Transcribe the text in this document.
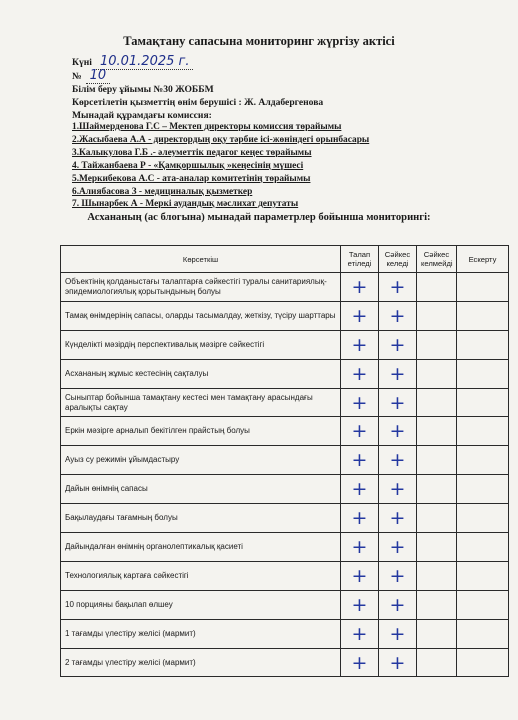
Тамақтану сапасына мониторинг жүргізу актісі
Күні 10.01.2025 г.
№ 10
Білім беру ұйымы №30 ЖОББМ
Көрсетілетін қызметтің өнім берушісі : Ж. Алдабергенова
Мынадай құрамдағы комиссия:
1.Шаймерденова Г.С – Мектеп директоры комиссия төрайымы
2.Жасыбаева А.А - директордың оқу тәрбие ісі-жөніндегі орынбасары
3.Калыкулова Г.Б .- әлеуметтік педагог кеңес төрайымы
4. Тайжанбаева Р - «Қамқоршылық »кеңесінің мүшесі
5.Меркибекова А.С - ата-аналар комитетінің төрайымы
6.Алиябасова З - медициналық қызметкер
7. Шынарбек А - Меркі аудандық мәслихат депутаты
Асхананың (ас блогына) мынадай параметрлер бойынша мониторингі:
Көрсеткіш	Талап етіледі	Сәйкес келеді	Сәйкес келмейді	Ескерту
Объектінің қолданыстағы талаптарға сәйкестігі туралы санитариялық-эпидемиологиялық қорытындының болуы	+	+		
Тамақ өнімдерінің сапасы, оларды тасымалдау, жеткізу, түсіру шарттары	+	+		
Күнделікті мәзірдің перспективалық мәзірге сәйкестігі	+	+		
Асхананың жұмыс кестесінің сақталуы	+	+		
Сыныптар бойынша тамақтану кестесі мен тамақтану арасындағы аралықты сақтау	+	+		
Еркін мәзірге арналып бекітілген прайстың болуы	+	+		
Ауыз су режимін ұйымдастыру	+	+		
Дайын өнімнің сапасы	+	+		
Бақылаудағы тағамның болуы	+	+		
Дайындалған өнімнің органолептикалық қасиеті	+	+		
Технологиялық картаға сәйкестігі	+	+		
10 порцияны бақылап өлшеу	+	+		
1 тағамды үлестіру желісі (мармит)	+	+		
2 тағамды үлестіру желісі (мармит)	+	+		
